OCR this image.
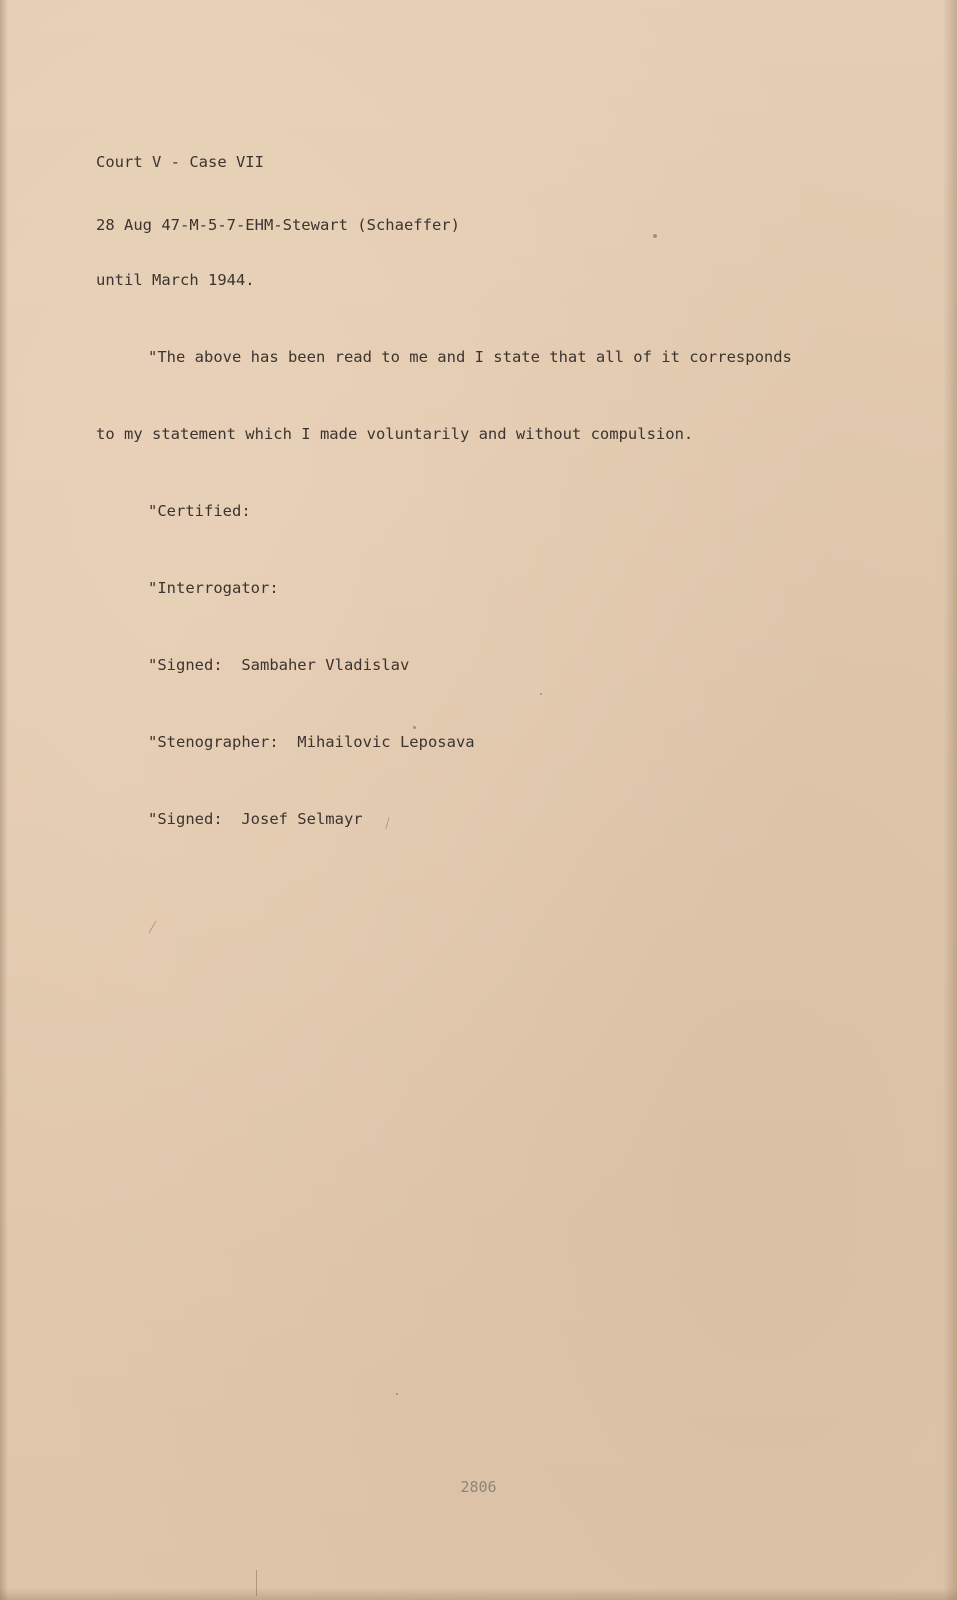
Court V - Case VII

28 Aug 47-M-5-7-EHM-Stewart (Schaeffer)

until March 1944.

"The above has been read to me and I state that all of it corresponds

to my statement which I made voluntarily and without compulsion.

"Certified:

"Interrogator:

"Signed:  Sambaher Vladislav

"Stenographer:  Mihailovic Leposava

"Signed:  Josef Selmayr

2806
